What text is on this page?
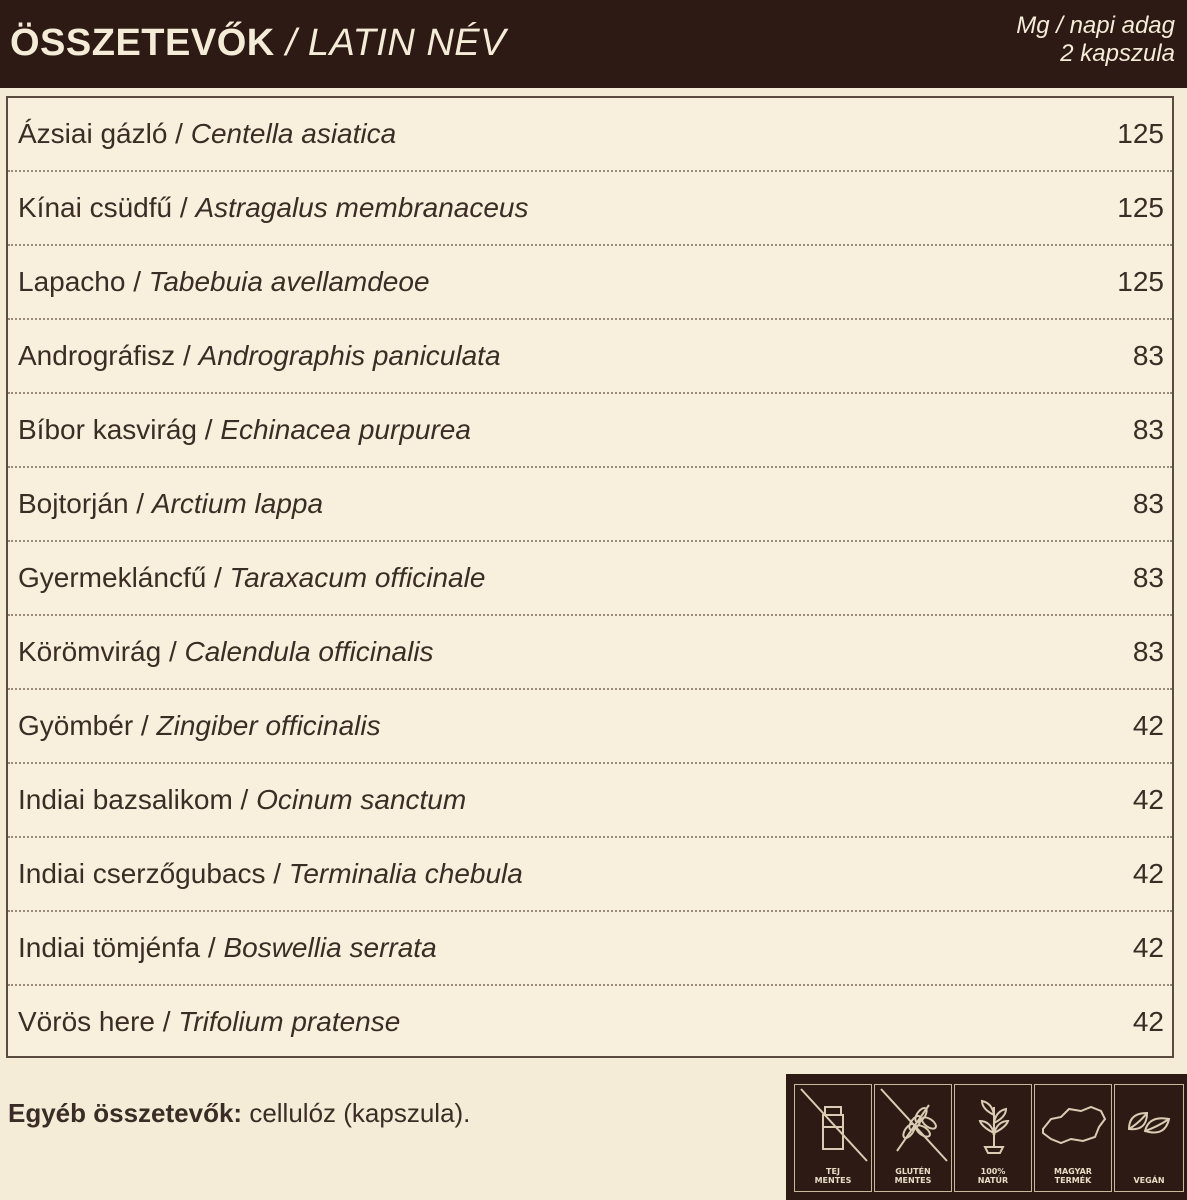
ÖSSZETEVŐK / LATIN NÉV	Mg / napi adag
2 kapszula
Ázsiai gázló / Centella asiatica	125
Kínai csüdfű / Astragalus membranaceus	125
Lapacho / Tabebuia avellamdeoe	125
Andrográfisz / Andrographis paniculata	83
Bíbor kasvirág / Echinacea purpurea	83
Bojtorján / Arctium lappa	83
Gyermekláncfű / Taraxacum officinale	83
Körömvirág / Calendula officinalis	83
Gyömbér / Zingiber officinalis	42
Indiai bazsalikom / Ocinum sanctum	42
Indiai cserzőgubacs / Terminalia chebula	42
Indiai tömjénfa / Boswellia serrata	42
Vörös here / Trifolium pratense	42
Egyéb összetevők: cellulóz (kapszula).
TEJ
MENTES
GLUTÉN
MENTES
100%
NATÚR
MAGYAR
TERMÉK	VEGÁN
